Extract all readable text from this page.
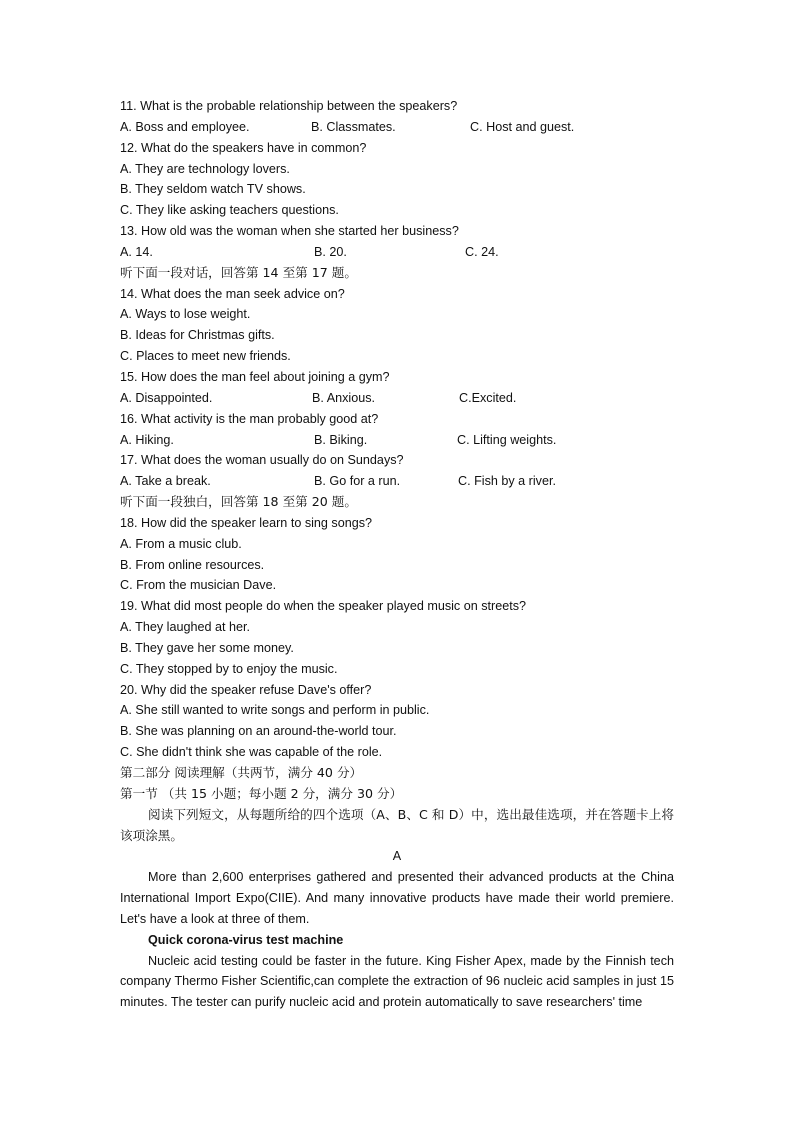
11. What is the probable relationship between the speakers?
A. Boss and employee.	B. Classmates.	C. Host and guest.
12. What do the speakers have in common?
A. They are technology lovers.
B. They seldom watch TV shows.
C. They like asking teachers questions.
13. How old was the woman when she started her business?
A. 14.	B. 20.	C. 24.
听下面一段对话，回答第 14 至第 17 题。
14. What does the man seek advice on?
A. Ways to lose weight.
B. Ideas for Christmas gifts.
C. Places to meet new friends.
15. How does the man feel about joining a gym?
A. Disappointed.	B. Anxious.	C.Excited.
16. What activity is the man probably good at?
A. Hiking.	B. Biking.	C. Lifting weights.
17. What does the woman usually do on Sundays?
A. Take a break.	B. Go for a run.	C. Fish by a river.
听下面一段独白，回答第 18 至第 20 题。
18. How did the speaker learn to sing songs?
A. From a music club.
B. From online resources.
C. From the musician Dave.
19. What did most people do when the speaker played music on streets?
A. They laughed at her.
B. They gave her some money.
C. They stopped by to enjoy the music.
20. Why did the speaker refuse Dave's offer?
A. She still wanted to write songs and perform in public.
B. She was planning on an around-the-world tour.
C. She didn't think she was capable of the role.
第二部分 阅读理解（共两节，满分 40 分）
第一节 （共 15 小题；每小题 2 分，满分 30 分）
阅读下列短文，从每题所给的四个选项（A、B、C 和 D）中，选出最佳选项，并在答题卡上将该项涂黑。
A
More than 2,600 enterprises gathered and presented their advanced products at the China International Import Expo(CIIE). And many innovative products have made their world premiere. Let's have a look at three of them.
Quick corona-virus test machine
Nucleic acid testing could be faster in the future. King Fisher Apex, made by the Finnish tech company Thermo Fisher Scientific,can complete the extraction of 96 nucleic acid samples in just 15 minutes. The tester can purify nucleic acid and protein automatically to save researchers' time
